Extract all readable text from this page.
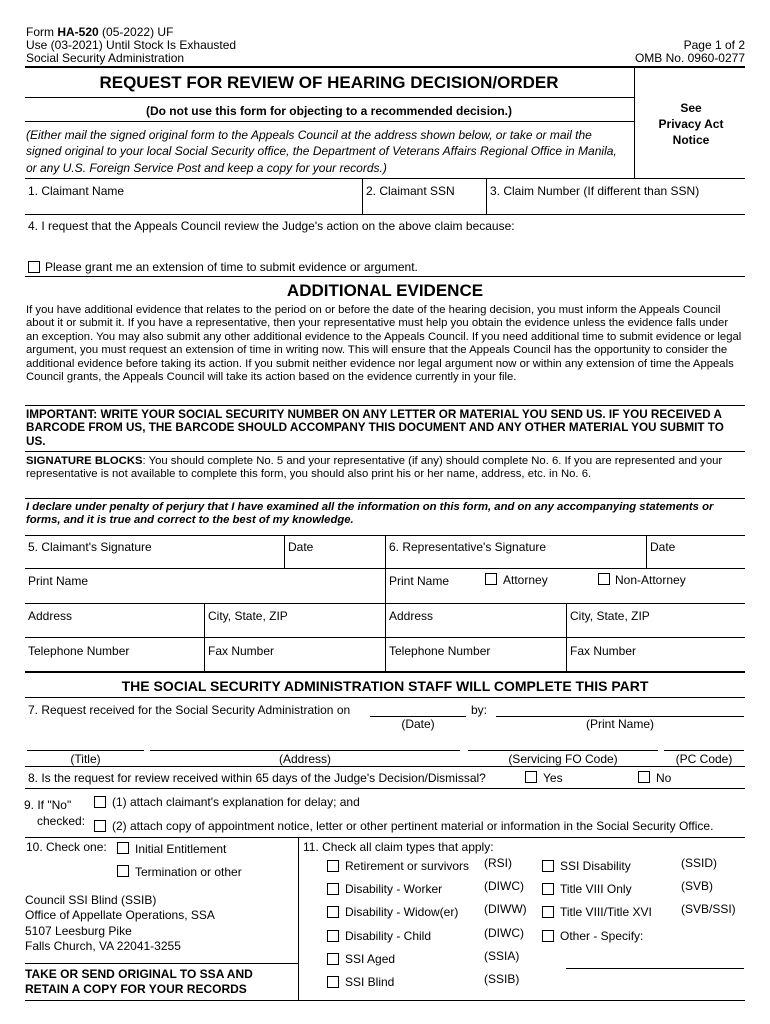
Form HA-520 (05-2022) UF
Use (03-2021) Until Stock Is Exhausted
Social Security Administration
Page 1 of 2
OMB No. 0960-0277
REQUEST FOR REVIEW OF HEARING DECISION/ORDER
See
Privacy Act
Notice
(Do not use this form for objecting to a recommended decision.)
(Either mail the signed original form to the Appeals Council at the address shown below, or take or mail the signed original to your local Social Security office, the Department of Veterans Affairs Regional Office in Manila, or any U.S. Foreign Service Post and keep a copy for your records.)
1. Claimant Name	2. Claimant SSN	3. Claim Number (If different than SSN)
4. I request that the Appeals Council review the Judge's action on the above claim because:
Please grant me an extension of time to submit evidence or argument.
ADDITIONAL EVIDENCE
If you have additional evidence that relates to the period on or before the date of the hearing decision, you must inform the Appeals Council about it or submit it. If you have a representative, then your representative must help you obtain the evidence unless the evidence falls under an exception. You may also submit any other additional evidence to the Appeals Council. If you need additional time to submit evidence or legal argument, you must request an extension of time in writing now. This will ensure that the Appeals Council has the opportunity to consider the additional evidence before taking its action. If you submit neither evidence nor legal argument now or within any extension of time the Appeals Council grants, the Appeals Council will take its action based on the evidence currently in your file.
IMPORTANT: WRITE YOUR SOCIAL SECURITY NUMBER ON ANY LETTER OR MATERIAL YOU SEND US. IF YOU RECEIVED A BARCODE FROM US, THE BARCODE SHOULD ACCOMPANY THIS DOCUMENT AND ANY OTHER MATERIAL YOU SUBMIT TO US.
SIGNATURE BLOCKS: You should complete No. 5 and your representative (if any) should complete No. 6. If you are represented and your representative is not available to complete this form, you should also print his or her name, address, etc. in No. 6.
I declare under penalty of perjury that I have examined all the information on this form, and on any accompanying statements or forms, and it is true and correct to the best of my knowledge.
5. Claimant's Signature	Date	6. Representative's Signature	Date
Print Name	Print Name	Attorney	Non-Attorney
Address	City, State, ZIP	Address	City, State, ZIP
Telephone Number	Fax Number	Telephone Number	Fax Number
THE SOCIAL SECURITY ADMINISTRATION STAFF WILL COMPLETE THIS PART
7. Request received for the Social Security Administration on
(Date)
by:
(Print Name)
(Title)	(Address)	(Servicing FO Code)	(PC Code)
8. Is the request for review received within 65 days of the Judge's Decision/Dismissal?	Yes	No
9. If "No"
checked:
(1) attach claimant's explanation for delay; and
(2) attach copy of appointment notice, letter or other pertinent material or information in the Social Security Office.
10. Check one: Initial Entitlement
Termination or other
Council SSI Blind (SSIB)
Office of Appellate Operations, SSA
5107 Leesburg Pike
Falls Church, VA 22041-3255
TAKE OR SEND ORIGINAL TO SSA AND
RETAIN A COPY FOR YOUR RECORDS
11. Check all claim types that apply:
Retirement or survivors (RSI)
Disability - Worker	(DIWC)
Disability - Widow(er) (DIWW)
Disability - Child	(DIWC)
SSI Aged	(SSIA)
SSI Blind	(SSIB)
SSI Disability	(SSID)
Title VIII Only	(SVB)
Title VIII/Title XVI (SVB/SSI)
Other - Specify:
